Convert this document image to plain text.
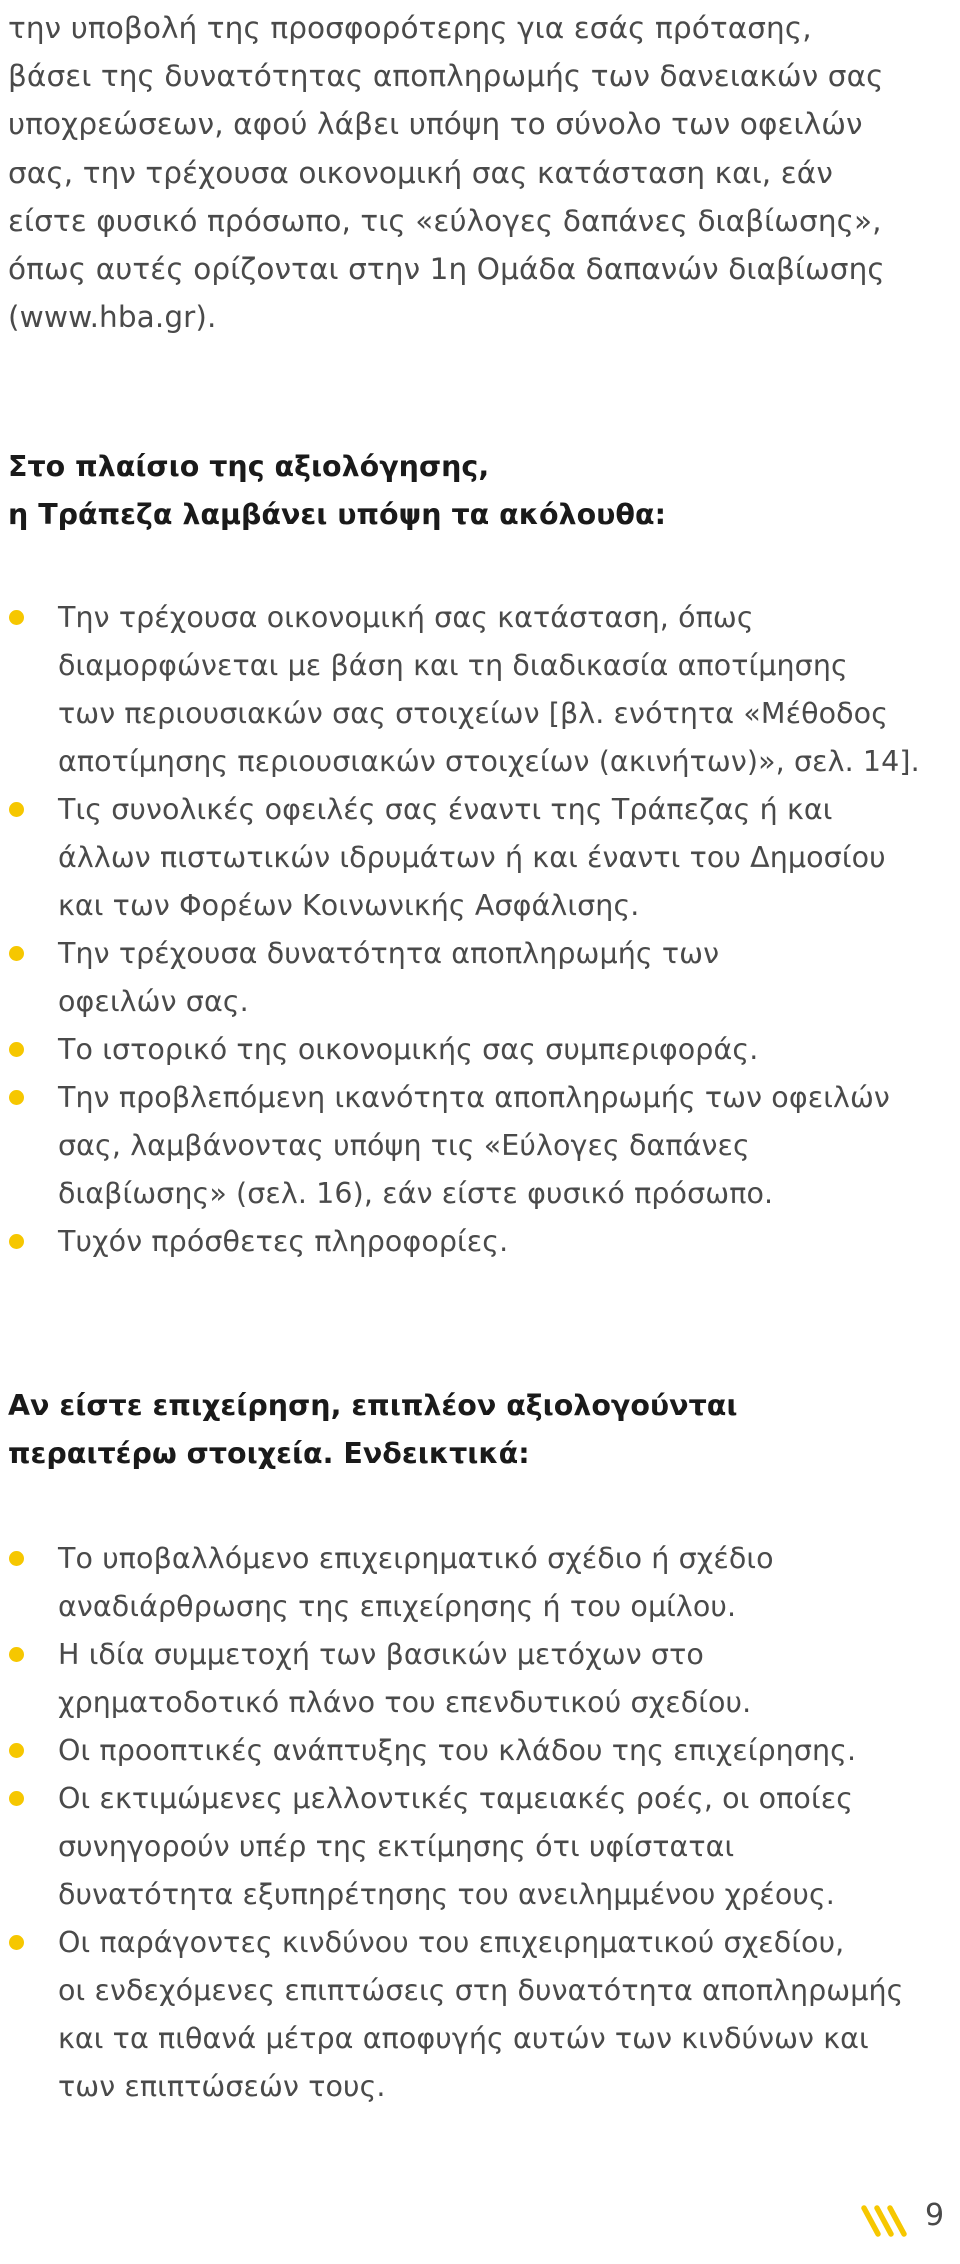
την υποβολή της προσφορότερης για εσάς πρότασης,
βάσει της δυνατότητας αποπληρωμής των δανειακών σας
υποχρεώσεων, αφού λάβει υπόψη το σύνολο των οφειλών
σας, την τρέχουσα οικονομική σας κατάσταση και, εάν
είστε φυσικό πρόσωπο, τις «εύλογες δαπάνες διαβίωσης»,
όπως αυτές ορίζονται στην 1η Ομάδα δαπανών διαβίωσης
(www.hba.gr).

Στο πλαίσιο της αξιολόγησης,
η Τράπεζα λαμβάνει υπόψη τα ακόλουθα:
Την τρέχουσα οικονομική σας κατάσταση, όπως
διαμορφώνεται με βάση και τη διαδικασία αποτίμησης
των περιουσιακών σας στοιχείων [βλ. ενότητα «Μέθοδος
αποτίμησης περιουσιακών στοιχείων (ακινήτων)», σελ. 14].
Τις συνολικές οφειλές σας έναντι της Τράπεζας ή και
άλλων πιστωτικών ιδρυμάτων ή και έναντι του Δημοσίου
και των Φορέων Κοινωνικής Ασφάλισης.
Την τρέχουσα δυνατότητα αποπληρωμής των
οφειλών σας.
Το ιστορικό της οικονομικής σας συμπεριφοράς.
Την προβλεπόμενη ικανότητα αποπληρωμής των οφειλών
σας, λαμβάνοντας υπόψη τις «Εύλογες δαπάνες
διαβίωσης» (σελ. 16), εάν είστε φυσικό πρόσωπο.
Τυχόν πρόσθετες πληροφορίες.
Αν είστε επιχείρηση, επιπλέον αξιολογούνται
περαιτέρω στοιχεία. Ενδεικτικά:
Το υποβαλλόμενο επιχειρηματικό σχέδιο ή σχέδιο
αναδιάρθρωσης της επιχείρησης ή του ομίλου.
Η ιδία συμμετοχή των βασικών μετόχων στο
χρηματοδοτικό πλάνο του επενδυτικού σχεδίου.
Οι προοπτικές ανάπτυξης του κλάδου της επιχείρησης.
Οι εκτιμώμενες μελλοντικές ταμειακές ροές, οι οποίες
συνηγορούν υπέρ της εκτίμησης ότι υφίσταται
δυνατότητα εξυπηρέτησης του ανειλημμένου χρέους.
Οι παράγοντες κινδύνου του επιχειρηματικού σχεδίου,
οι ενδεχόμενες επιπτώσεις στη δυνατότητα αποπληρωμής
και τα πιθανά μέτρα αποφυγής αυτών των κινδύνων και
των επιπτώσεών τους.
9
